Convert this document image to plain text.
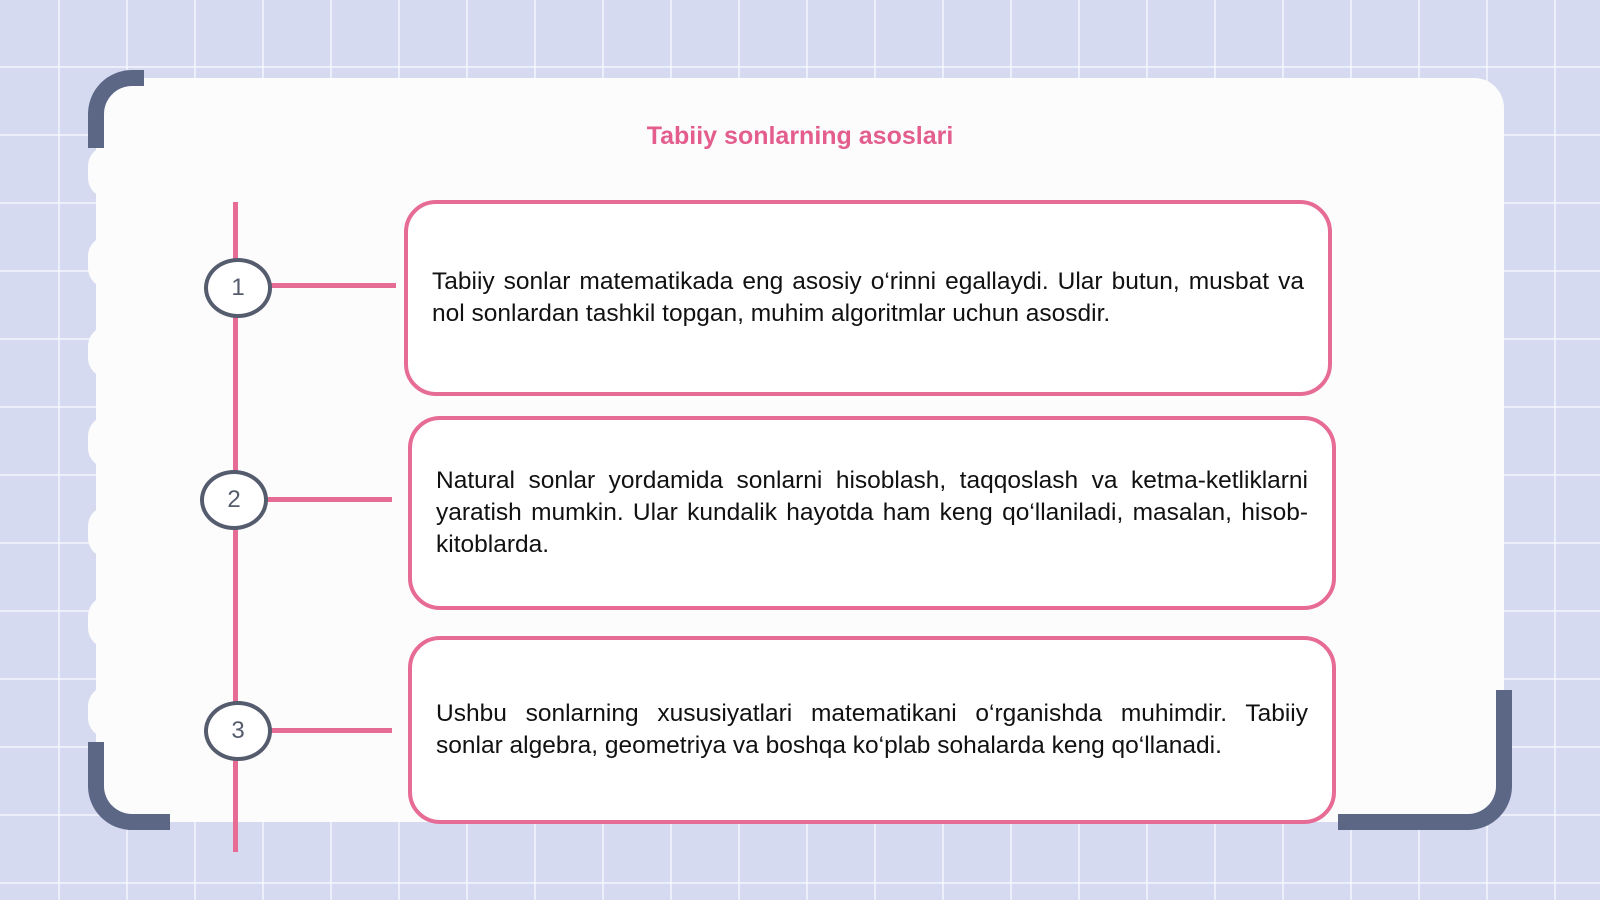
Tabiiy sonlarning asoslari
1	Tabiiy sonlar matematikada eng asosiy o‘rinni egallaydi. Ular butun, musbat va nol sonlardan tashkil topgan, muhim algoritmlar uchun asosdir.

2

Natural sonlar yordamida sonlarni hisoblash, taqqoslash va ketma-ketliklarni yaratish mumkin. Ular kundalik hayotda ham keng qo‘llaniladi, masalan, hisob-kitoblarda.

3

Ushbu sonlarning xususiyatlari matematikani o‘rganishda muhimdir. Tabiiy sonlar algebra, geometriya va boshqa ko‘plab sohalarda keng qo‘llanadi.
